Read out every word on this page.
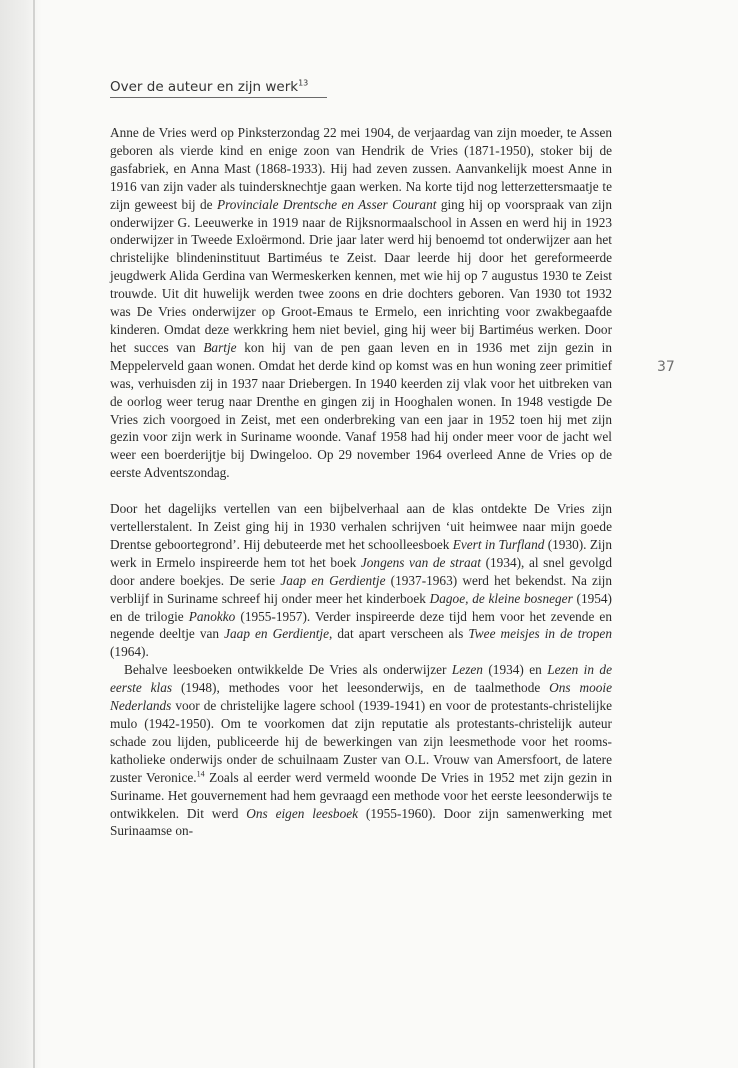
Over de auteur en zijn werk$^{13}$

Anne de Vries werd op Pinksterzondag 22 mei 1904, de verjaardag van zijn moeder, te Assen geboren als vierde kind en enige zoon van Hendrik de Vries (1871-1950), stoker bij de gasfabriek, en Anna Mast (1868-1933). Hij had zeven zussen. Aanvankelijk moest Anne in 1916 van zijn vader als tuindersknechtje gaan werken. Na korte tijd nog letterzettersmaatje te zijn geweest bij de Provinciale Drentsche en Asser Courant ging hij op voorspraak van zijn onderwijzer G. Leeuwerke in 1919 naar de Rijksnormaalschool in Assen en werd hij in 1923 onderwijzer in Tweede Exloërmond. Drie jaar later werd hij benoemd tot onderwijzer aan het christelijke blindeninstituut Bartiméus te Zeist. Daar leerde hij door het gereformeerde jeugdwerk Alida Gerdina van Wermeskerken kennen, met wie hij op 7 augustus 1930 te Zeist trouwde. Uit dit huwelijk werden twee zoons en drie dochters geboren. Van 1930 tot 1932 was De Vries onderwijzer op Groot-Emaus te Ermelo, een inrichting voor zwakbegaafde kinderen. Omdat deze werkkring hem niet beviel, ging hij weer bij Bartiméus werken. Door het succes van Bartje kon hij van de pen gaan leven en in 1936 met zijn gezin in Meppelerveld gaan wonen. Omdat het derde kind op komst was en hun woning zeer primitief was, verhuisden zij in 1937 naar Driebergen. In 1940 keerden zij vlak voor het uitbreken van de oorlog weer terug naar Drenthe en gingen zij in Hooghalen wonen. In 1948 vestigde De Vries zich voorgoed in Zeist, met een onderbreking van een jaar in 1952 toen hij met zijn gezin voor zijn werk in Suriname woonde. Vanaf 1958 had hij onder meer voor de jacht wel weer een boerderijtje bij Dwingeloo. Op 29 november 1964 overleed Anne de Vries op de eerste Adventszondag.

Door het dagelijks vertellen van een bijbelverhaal aan de klas ontdekte De Vries zijn vertellerstalent. In Zeist ging hij in 1930 verhalen schrijven ‘uit heimwee naar mijn goede Drentse geboortegrond’. Hij debuteerde met het schoolleesboek Evert in Turfland (1930). Zijn werk in Ermelo inspireerde hem tot het boek Jongens van de straat (1934), al snel gevolgd door andere boekjes. De serie Jaap en Gerdientje (1937-1963) werd het bekendst. Na zijn verblijf in Suriname schreef hij onder meer het kinderboek Dagoe, de kleine bosneger (1954) en de trilogie Panokko (1955-1957). Verder inspireerde deze tijd hem voor het zevende en negende deeltje van Jaap en Gerdientje, dat apart verscheen als Twee meisjes in de tropen (1964).

Behalve leesboeken ontwikkelde De Vries als onderwijzer Lezen (1934) en Lezen in de eerste klas (1948), methodes voor het leesonderwijs, en de taalmethode Ons mooie Nederlands voor de christelijke lagere school (1939-1941) en voor de protestants-christelijke mulo (1942-1950). Om te voorkomen dat zijn reputatie als protestants-christelijk auteur schade zou lijden, publiceerde hij de bewerkingen van zijn leesmethode voor het rooms-katholieke onderwijs onder de schuilnaam Zuster van O.L. Vrouw van Amersfoort, de latere zuster Veronice.$^{14}$ Zoals al eerder werd vermeld woonde De Vries in 1952 met zijn gezin in Suriname. Het gouvernement had hem gevraagd een methode voor het eerste leesonderwijs te ontwikkelen. Dit werd Ons eigen leesboek (1955-1960). Door zijn samenwerking met Surinaamse on-

37
